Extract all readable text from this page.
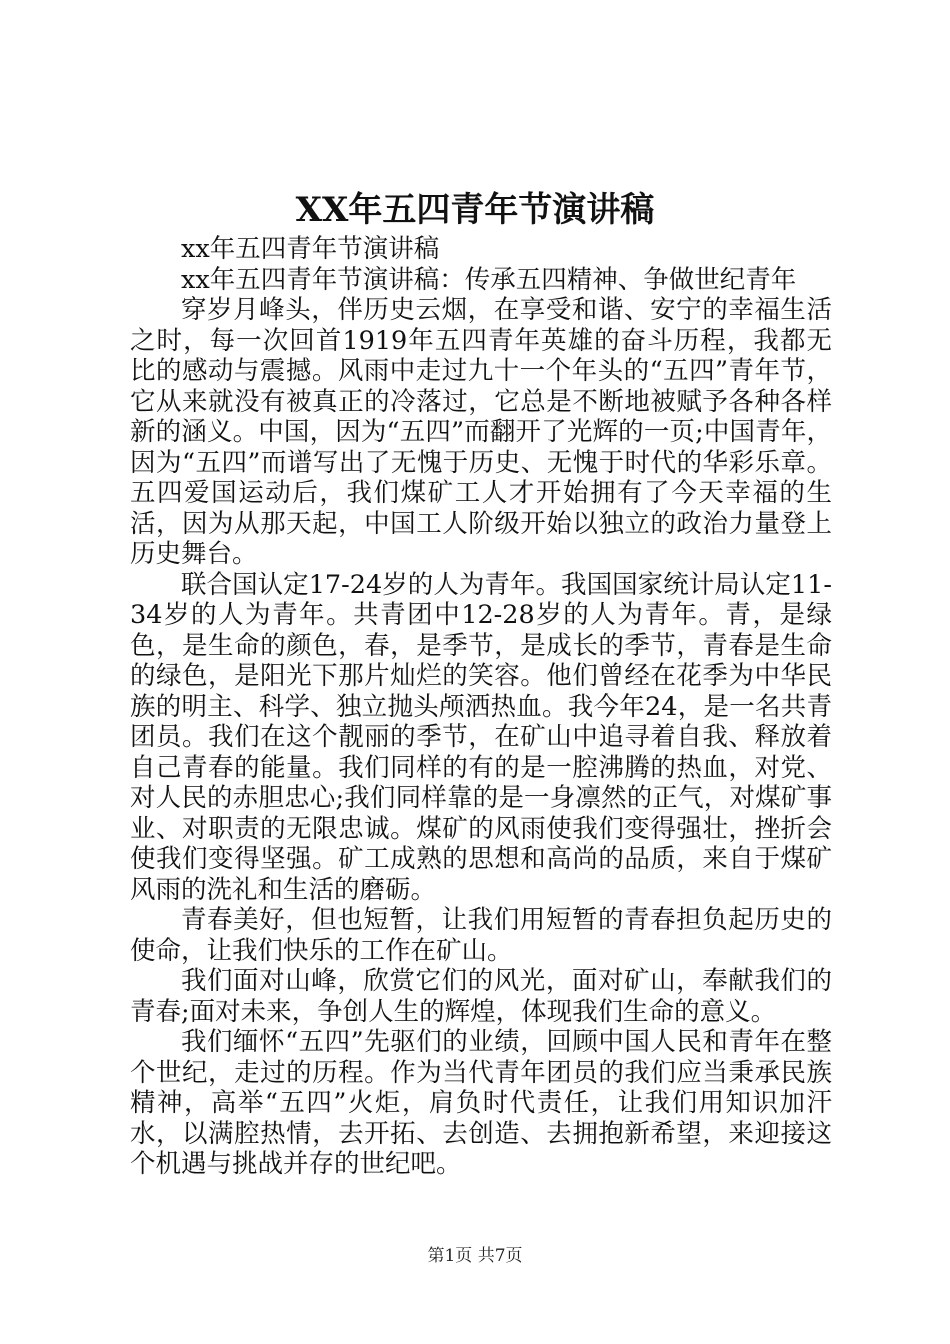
XX年五四青年节演讲稿

xx年五四青年节演讲稿

xx年五四青年节演讲稿：传承五四精神、争做世纪青年

穿岁月峰头，伴历史云烟，在享受和谐、安宁的幸福生活之时，每一次回首1919年五四青年英雄的奋斗历程，我都无比的感动与震撼。风雨中走过九十一个年头的“五四”青年节，它从来就没有被真正的冷落过，它总是不断地被赋予各种各样新的涵义。中国，因为“五四”而翻开了光辉的一页;中国青年，因为“五四”而谱写出了无愧于历史、无愧于时代的华彩乐章。五四爱国运动后，我们煤矿工人才开始拥有了今天幸福的生活，因为从那天起，中国工人阶级开始以独立的政治力量登上历史舞台。

联合国认定17-24岁的人为青年。我国国家统计局认定11-34岁的人为青年。共青团中12-28岁的人为青年。青，是绿色，是生命的颜色，春，是季节，是成长的季节，青春是生命的绿色，是阳光下那片灿烂的笑容。他们曾经在花季为中华民族的明主、科学、独立抛头颅洒热血。我今年24，是一名共青团员。我们在这个靓丽的季节，在矿山中追寻着自我、释放着自己青春的能量。我们同样的有的是一腔沸腾的热血，对党、对人民的赤胆忠心;我们同样靠的是一身凛然的正气，对煤矿事业、对职责的无限忠诚。煤矿的风雨使我们变得强壮，挫折会使我们变得坚强。矿工成熟的思想和高尚的品质，来自于煤矿风雨的洗礼和生活的磨砺。

青春美好，但也短暂，让我们用短暂的青春担负起历史的使命，让我们快乐的工作在矿山。

我们面对山峰，欣赏它们的风光，面对矿山，奉献我们的青春;面对未来，争创人生的辉煌，体现我们生命的意义。

我们缅怀“五四”先驱们的业绩，回顾中国人民和青年在整个世纪，走过的历程。作为当代青年团员的我们应当秉承民族精神，高举“五四”火炬，肩负时代责任，让我们用知识加汗水，以满腔热情，去开拓、去创造、去拥抱新希望，来迎接这个机遇与挑战并存的世纪吧。

第1页 共7页
